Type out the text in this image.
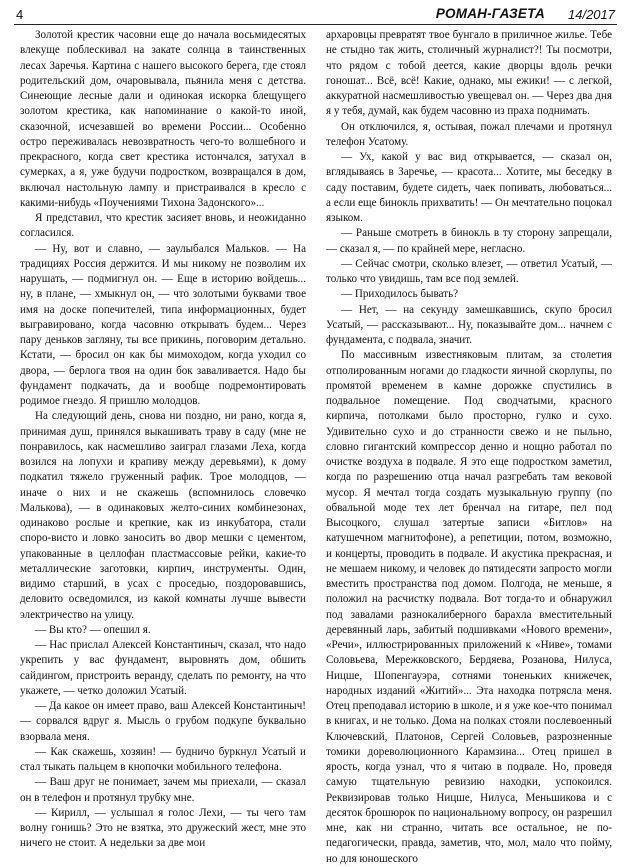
4	РОМАН-ГАЗЕТА 14/2017

Золотой крестик часовни еще до начала восьмидесятых влекуще поблескивал на закате солнца в таинственных лесах Заречья. Картина с нашего высокого берега, где стоял родительский дом, очаровывала, пьянила меня с детства. Синеющие лесные дали и одинокая искорка блещущего золотом крестика, как напоминание о какой-то иной, сказочной, исчезавшей во времени России... Особенно остро переживалась невозвратность чего-то волшебного и прекрасного, когда свет крестика истончался, затухал в сумерках, а я, уже будучи подростком, возвращался в дом, включал настольную лампу и пристраивался в кресло с какими-нибудь «Поучениями Тихона Задонского»...

Я представил, что крестик засияет вновь, и неожиданно согласился.

— Ну, вот и славно, — заулыбался Мальков. — На традициях Россия держится. И мы никому не позволим их нарушать, — подмигнул он. — Еще в историю войдешь... ну, в плане, — хмыкнул он, — что золотыми буквами твое имя на доске попечителей, типа информационных, будет выгравировано, когда часовню открывать будем... Через пару деньков загляну, ты все прикинь, поговорим детально. Кстати, — бросил он как бы мимоходом, когда уходил со двора, — берлога твоя на один бок заваливается. Надо бы фундамент подкачать, да и вообще подремонтировать родимое гнездо. Я пришлю молодцов.

На следующий день, снова ни поздно, ни рано, когда я, принимая душ, принялся выкашивать траву в саду (мне не понравилось, как насмешливо заиграл глазами Леха, когда возился на лопухи и крапиву между деревьями), к дому подкатил тяжело груженный рафик. Трое молодцов, — иначе о них и не скажешь (вспомнилось словечко Малькова), — в одинаковых желто-синих комбинезонах, одинаково рослые и крепкие, как из инкубатора, стали споро-висто и ловко заносить во двор мешки с цементом, упакованные в целлофан пластмассовые рейки, какие-то металлические заготовки, кирпич, инструменты. Один, видимо старший, в усах с проседью, поздоровавшись, деловито осведомился, из какой комнаты лучше вывести электричество на улицу.

— Вы кто? — опешил я.

— Нас прислал Алексей Константиныч, сказал, что надо укрепить у вас фундамент, выровнять дом, обшить сайдингом, пристроить веранду, сделать по ремонту, на что укажете, — четко доложил Усатый.

— Да какое он имеет право, ваш Алексей Константиныч! — сорвался вдруг я. Мысль о грубом подкупе буквально взорвала меня.

— Как скажешь, хозяин! — будничо буркнул Усатый и стал тыкать пальцем в кнопочки мобильного телефона.

— Ваш друг не понимает, зачем мы приехали, — сказал он в телефон и протянул трубку мне.

— Кирилл, — услышал я голос Лехи, — ты чего там волну гонишь? Это не взятка, это дружеский жест, мне это ничего не стоит. А недельки за две мои

архаровцы превратят твое бунгало в приличное жилье. Тебе не стыдно так жить, столичный журналист?! Ты посмотри, что рядом с тобой деется, какие дворцы вдоль речки гоношат... Всё, всё! Какие, однако, мы ежики! — с легкой, аккуратной насмешливостью увещевал он. — Через два дня я у тебя, думай, как будем часовню из праха поднимать.

Он отключился, я, остывая, пожал плечами и протянул телефон Усатому.

— Ух, какой у вас вид открывается, — сказал он, вглядываясь в Заречье, — красота... Хотите, мы беседку в саду поставим, будете сидеть, чаек попивать, любоваться... а если еще бинокль прихватить! — Он мечтательно поцокал языком.

— Раньше смотреть в бинокль в ту сторону запрещали, — сказал я, — по крайней мере, негласно.

— Сейчас смотри, сколько влезет, — ответил Усатый, — только что увидишь, там все под землей.

— Приходилось бывать?

— Нет, — на секунду замешкавшись, скупо бросил Усатый, — рассказывают... Ну, показывайте дом... начнем с фундамента, с подвала, значит.

По массивным известняковым плитам, за столетия отполированным ногами до гладкости яичной скорлупы, по промятой временем в камне дорожке спустились в подвальное помещение. Под сводчатыми, красного кирпича, потолками было просторно, гулко и сухо. Удивительно сухо и до странности свежо и не пыльно, словно гигантский компрессор денно и нощно работал по очистке воздуха в подвале. Я это еще подростком заметил, когда по разрешению отца начал разгребать там вековой мусор. Я мечтал тогда создать музыкальную группу (по обвальной моде тех лет бренчал на гитаре, пел под Высоцкого, слушал затертые записи «Битлов» на катушечном магнитофоне), а репетиции, потом, возможно, и концерты, проводить в подвале. И акустика прекрасная, и не мешаем никому, и человек до пятидесяти запросто могли вместить пространства под домом. Полгода, не меньше, я положил на расчистку подвала. Вот тогда-то и обнаружил под завалами разнокалиберного барахла вместительный деревянный ларь, забитый подшивками «Нового времени», «Речи», иллюстрированных приложений к «Ниве», томами Соловьева, Мережковского, Бердяева, Розанова, Нилуса, Ницше, Шопенгауэра, сотнями тоненьких книжечек, народных изданий «Житий»... Эта находка потрясла меня. Отец преподавал историю в школе, и я уже кое-что понимал в книгах, и не только. Дома на полках стояли послевоенный Ключевский, Платонов, Сергей Соловьев, разрозненные томики дореволюционного Карамзина... Отец пришел в ярость, когда узнал, что я читаю в подвале. Но, проведя самую тщательную ревизию находки, успокоился. Реквизировав только Ницше, Нилуса, Меньшикова и с десяток брошюрок по национальному вопросу, он разрешил мне, как ни странно, читать все остальное, не по-педагогически, правда, заметив, что, мол, мало что пойму, но для юношеского
